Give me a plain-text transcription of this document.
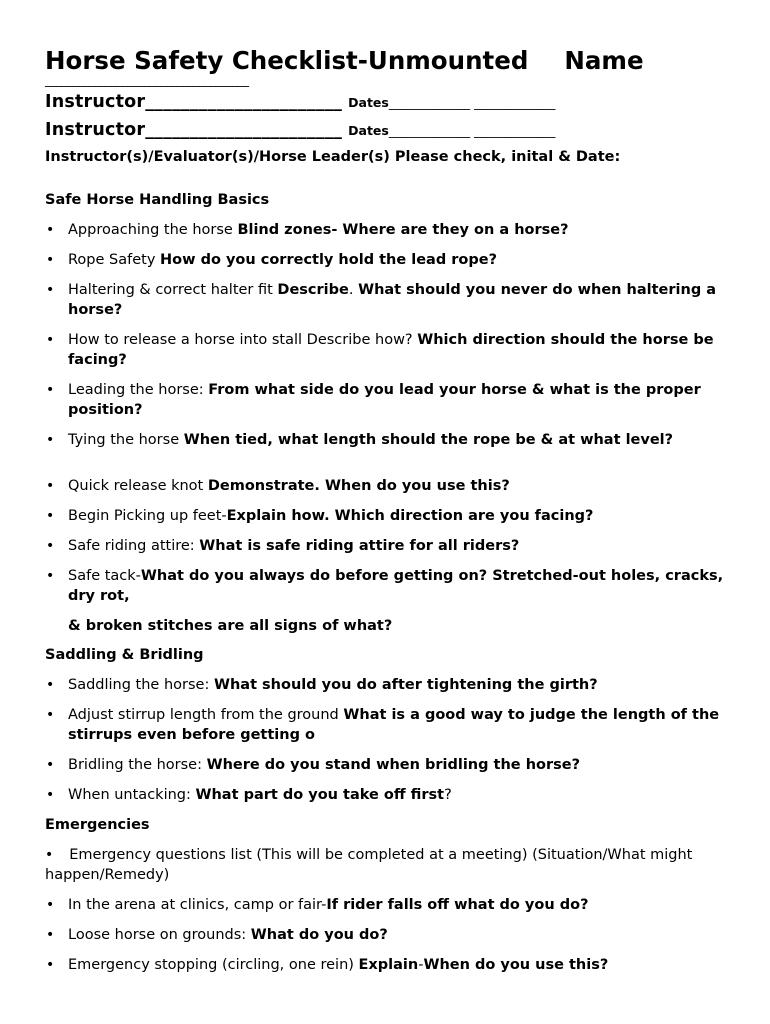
Horse Safety Checklist-Unmounted Name
_____________________________________
Instructor______________________ Dates _____________ _____________
Instructor______________________ Dates _____________ _____________
Instructor(s)/Evaluator(s)/Horse Leader(s) Please check, inital & Date:
Safe Horse Handling Basics
• Approaching the horse Blind zones- Where are they on a horse?
• Rope Safety How do you correctly hold the lead rope?
• Haltering & correct halter fit Describe. What should you never do when haltering a horse?
• How to release a horse into stall Describe how? Which direction should the horse be facing?
• Leading the horse: From what side do you lead your horse & what is the proper position?
• Tying the horse When tied, what length should the rope be & at what level?
• Quick release knot Demonstrate. When do you use this?
• Begin Picking up feet-Explain how. Which direction are you facing?
• Safe riding attire: What is safe riding attire for all riders?
• Safe tack-What do you always do before getting on? Stretched-out holes, cracks, dry rot,
& broken stitches are all signs of what?
Saddling & Bridling
• Saddling the horse: What should you do after tightening the girth?
• Adjust stirrup length from the ground What is a good way to judge the length of the stirrups even before getting o
• Bridling the horse: Where do you stand when bridling the horse?
• When untacking: What part do you take off first?
Emergencies
• Emergency questions list (This will be completed at a meeting) (Situation/What might happen/Remedy)
• In the arena at clinics, camp or fair-If rider falls off what do you do?
• Loose horse on grounds: What do you do?
• Emergency stopping (circling, one rein) Explain-When do you use this?
